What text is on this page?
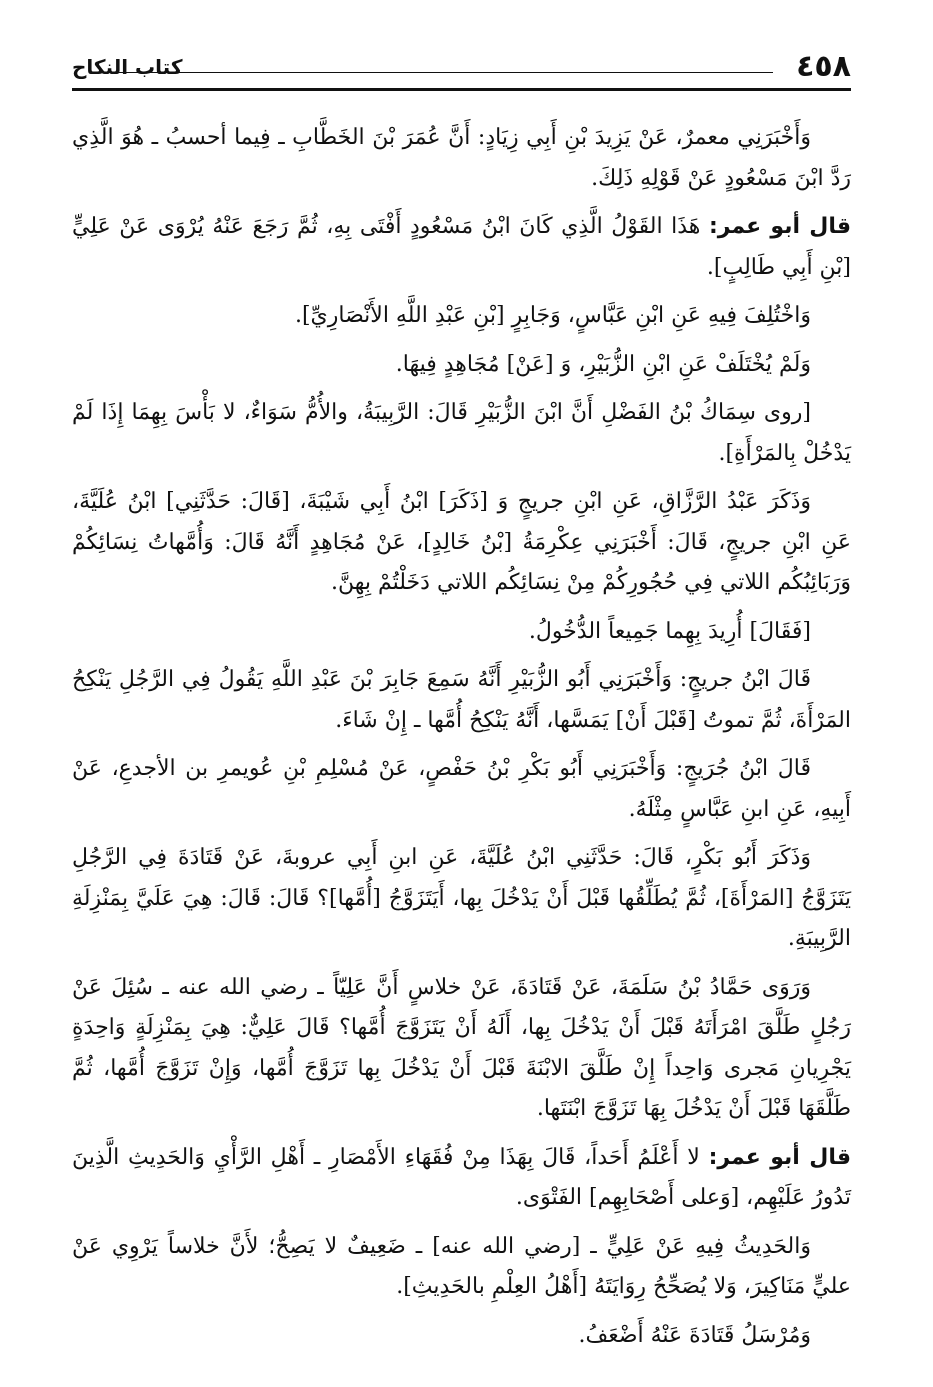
٤٥٨
كتاب النكاح

وَأَخْبَرَنِي معمرٌ، عَنْ يَزِيدَ بْنِ أَبِي زِيَادٍ: أَنَّ عُمَرَ بْنَ الخَطَّابِ ـ فِيما أحسبُ ـ هُوَ الَّذِي رَدَّ ابْنَ مَسْعُودٍ عَنْ قَوْلِهِ ذَلِكَ.

قال أبو عمر: هَذَا القَوْلُ الَّذِي كَانَ ابْنُ مَسْعُودٍ أَفْتَى بِهِ، ثُمَّ رَجَعَ عَنْهُ يُرْوَى عَنْ عَلِيٍّ [بْنِ أَبِي طَالِبٍ].

وَاخْتُلِفَ فِيهِ عَنِ ابْنِ عَبَّاسٍ، وَجَابِرٍ [بْنِ عَبْدِ اللَّهِ الأَنْصَارِيِّ].

وَلَمْ يُخْتَلَفْ عَنِ ابْنِ الزُّبَيْرِ، وَ [عَنْ] مُجَاهِدٍ فِيهَا.

[روى سِمَاكُ بْنُ الفَضْلِ أَنَّ ابْنَ الزُّبَيْرِ قَالَ: الرَّبِيبَةُ، والأُمُّ سَوَاءٌ، لا بَأْسَ بِهِمَا إِذَا لَمْ يَدْخُلْ بِالمَرْأَةِ].

وَذَكَرَ عَبْدُ الرَّزَّاقِ، عَنِ ابْنِ جريجٍ وَ [ذَكَرَ] ابْنُ أَبِي شَيْبَةَ، [قَالَ: حَدَّثَنِي] ابْنُ عُلَيَّةَ، عَنِ ابْنِ جريجٍ، قَالَ: أَخْبَرَنِي عِكْرِمَةُ [بْنُ خَالِدٍ]، عَنْ مُجَاهِدٍ أَنَّهُ قَالَ: وَأُمَّهاتُ نِسَائِكُمْ وَرَبَائِبُكُم اللاتي فِي حُجُورِكُمْ مِنْ نِسَائِكُم اللاتي دَخَلْتُمْ بِهِنَّ.

[فَقَالَ] أُرِيدَ بِهِما جَمِيعاً الدُّخُولُ.

قَالَ ابْنُ جريجٍ: وَأَخْبَرَنِي أَبُو الزُّبَيْرِ أَنَّهُ سَمِعَ جَابِرَ بْنَ عَبْدِ اللَّهِ يَقُولُ فِي الرَّجُلِ يَنْكِحُ المَرْأَةَ، ثُمَّ تموتُ [قَبْلَ أَنْ] يَمَسَّها، أَنَّهُ يَنْكِحُ أُمَّها ـ إِنْ شَاءَ.

قَالَ ابْنُ جُرَيجٍ: وَأَخْبَرَنِي أَبُو بَكْرِ بْنُ حَفْصٍ، عَنْ مُسْلِمِ بْنِ عُويمرِ بن الأجدعِ، عَنْ أَبِيهِ، عَنِ ابنِ عَبَّاسٍ مِثْلَهُ.

وَذَكَرَ أَبُو بَكْرٍ، قَالَ: حَدَّثَنِي ابْنُ عُلَيَّةَ، عَنِ ابنِ أَبِي عروبةَ، عَنْ قَتَادَةَ فِي الرَّجُلِ يَتَزَوَّجُ [المَرْأَةَ]، ثُمَّ يُطَلِّقُها قَبْلَ أَنْ يَدْخُلَ بِها، أَيَتَزَوَّجُ [أُمَّها]؟ قَالَ: قَالَ: هِيَ عَلَيَّ بِمَنْزِلَةِ الرَّبِيبَةِ.

وَرَوَى حَمَّادُ بْنُ سَلَمَةَ، عَنْ قَتَادَةَ، عَنْ خلاسٍ أَنَّ عَلِيّاً ـ رضي الله عنه ـ سُئِلَ عَنْ رَجُلٍ طَلَّقَ امْرَأَتَهُ قَبْلَ أَنْ يَدْخُلَ بِها، أَلَهُ أَنْ يَتَزَوَّجَ أُمَّها؟ قَالَ عَلِيٌّ: هِيَ بِمَنْزِلَةٍ وَاحِدَةٍ يَجْرِيانِ مَجرى وَاحِداً إِنْ طَلَّقَ الابْنَةَ قَبْلَ أَنْ يَدْخُلَ بِها تَزَوَّجَ أُمَّها، وَإِنْ تَزَوَّجَ أُمَّها، ثُمَّ طَلَّقَهَا قَبْلَ أَنْ يَدْخُلَ بِهَا تَزَوَّجَ ابْنَتَها.

قال أبو عمر: لا أَعْلَمُ أَحَداً، قَالَ بِهَذَا مِنْ فُقَهَاءِ الأَمْصَارِ ـ أَهْلِ الرَّأْيِ وَالحَدِيثِ الَّذِينَ تَدُورُ عَلَيْهِم، [وَعلى أَصْحَابِهِم] الفَتْوَى.

وَالحَدِيثُ فِيهِ عَنْ عَلِيٍّ ـ [رضي الله عنه] ـ ضَعِيفٌ لا يَصِحُّ؛ لأَنَّ خلاساً يَرْوِي عَنْ عليٍّ مَنَاكِيرَ، وَلا يُصَحِّحُ رِوَايَتَهُ [أَهْلُ العِلْمِ بالحَدِيثِ].

وَمُرْسَلُ قَتَادَةَ عَنْهُ أَضْعَفُ.
